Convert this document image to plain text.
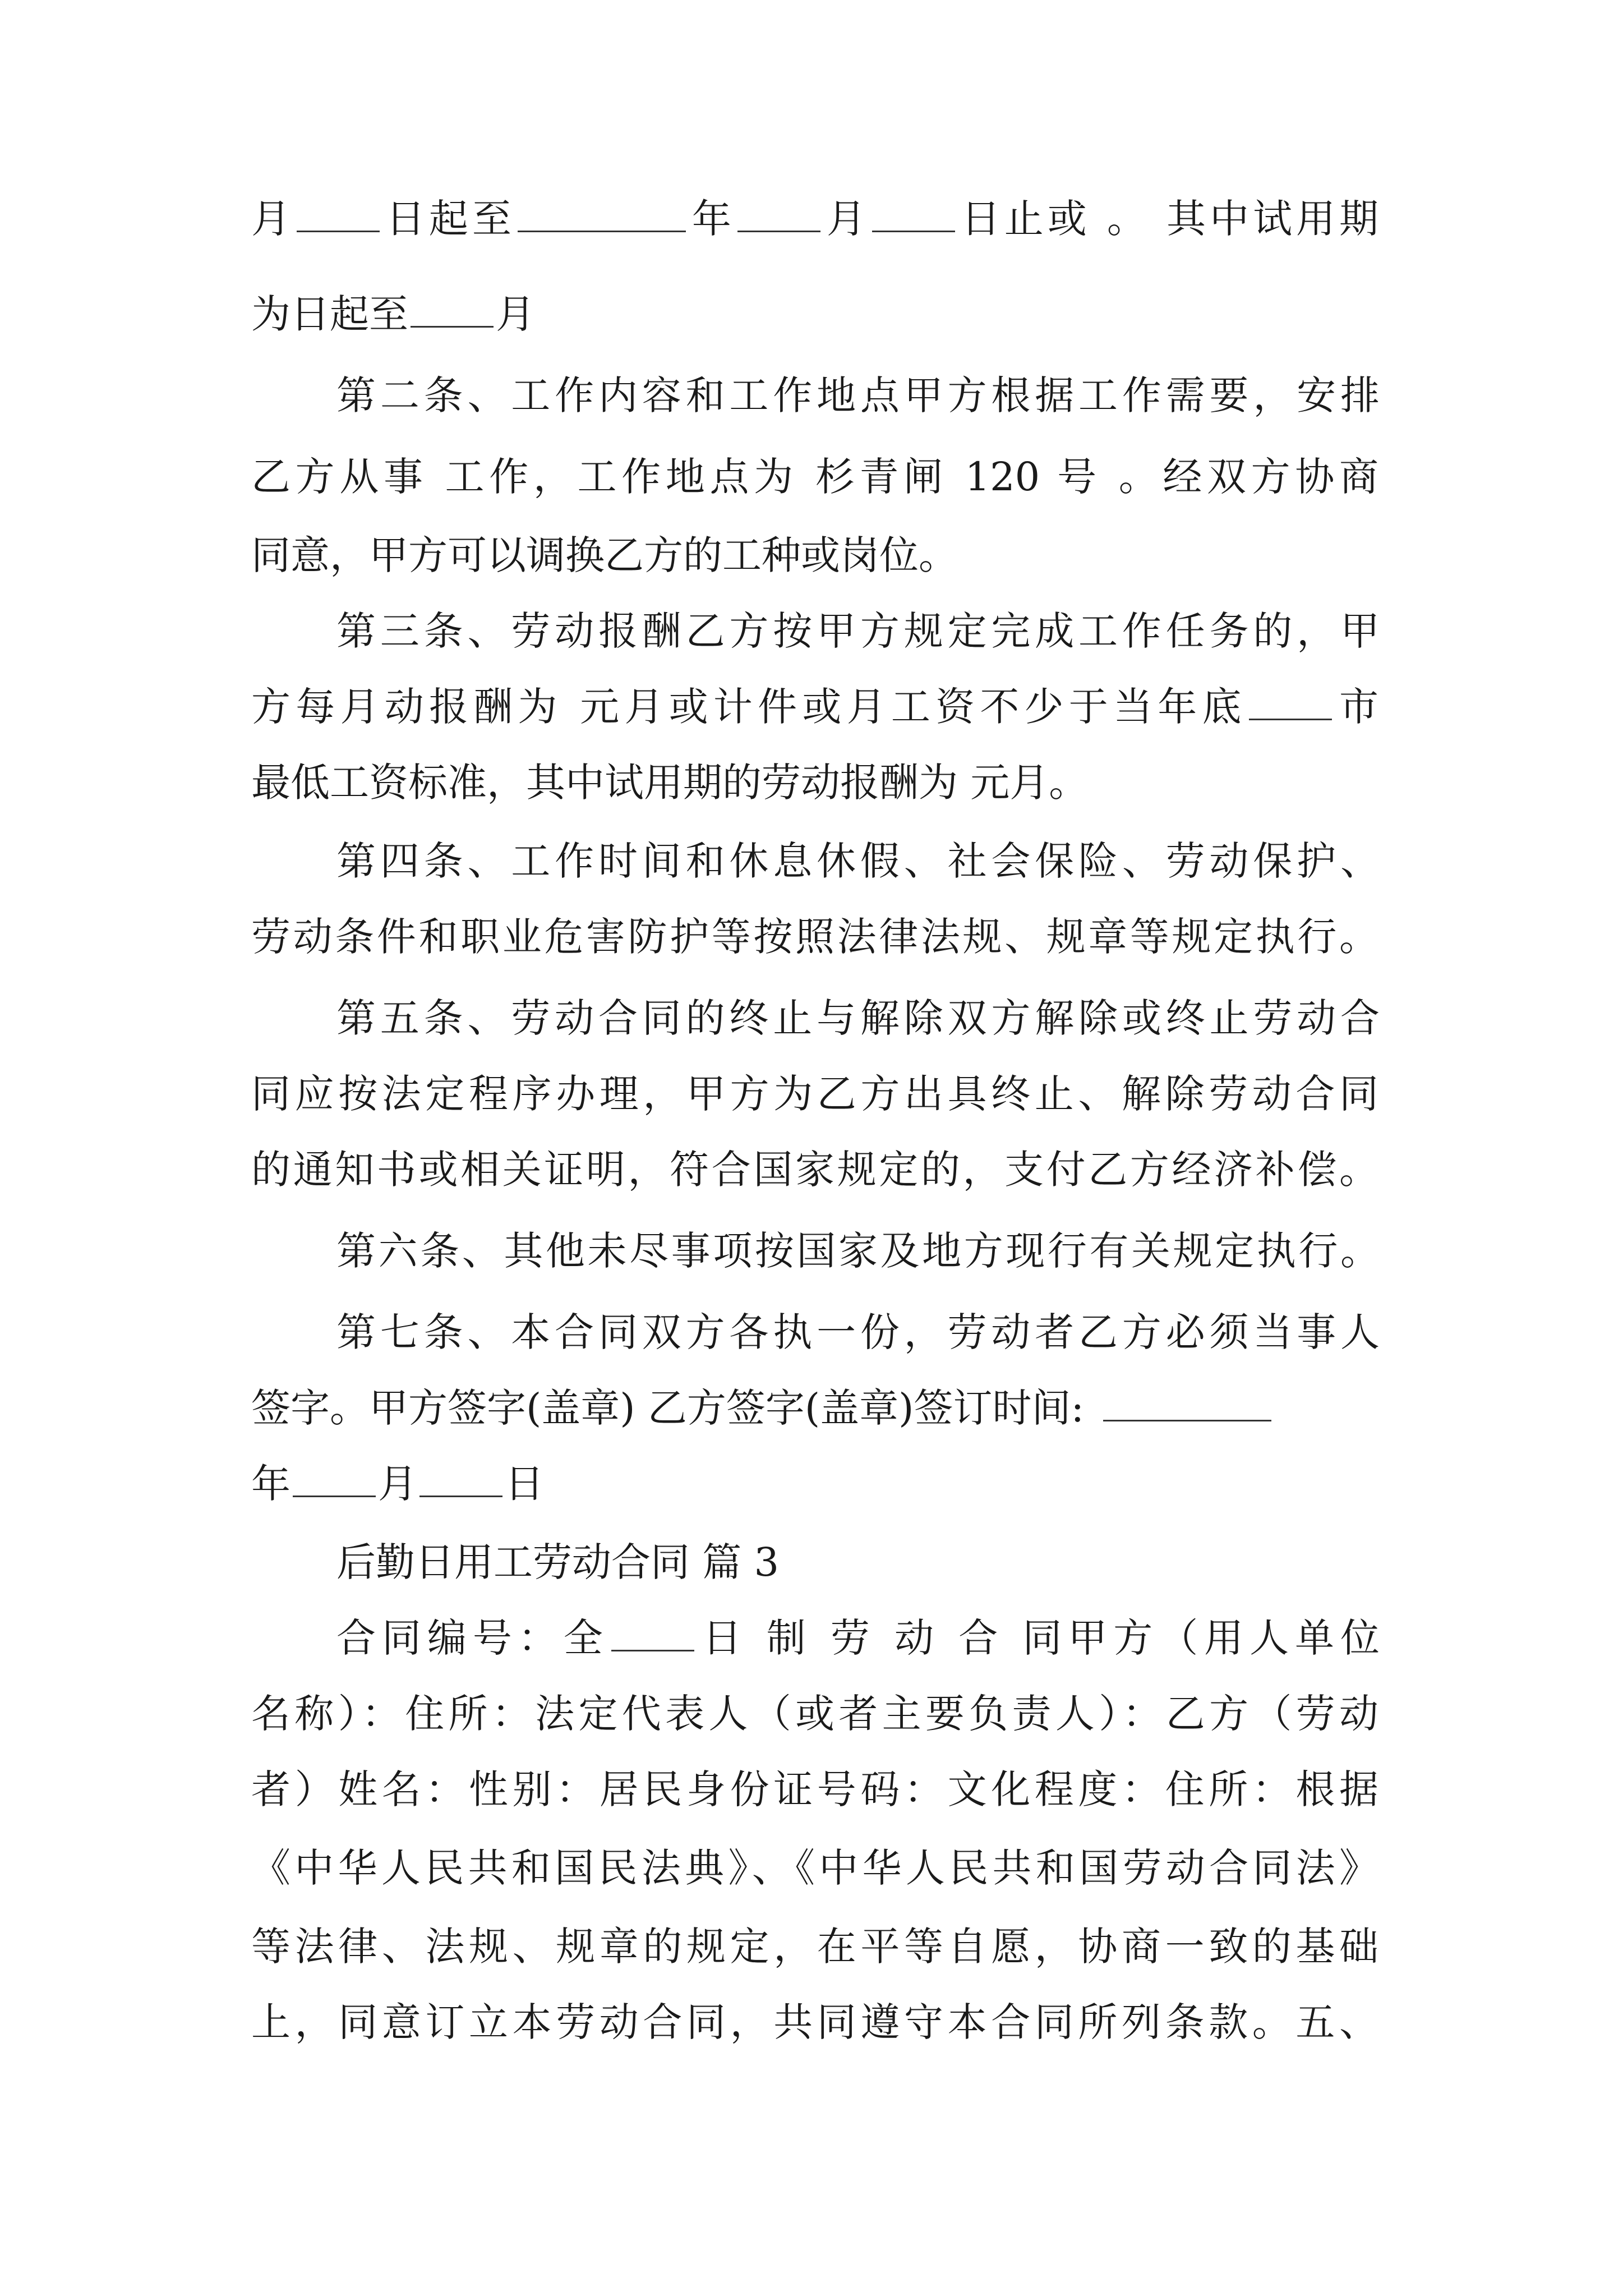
月 日起至	年 月 日止或 。 其中试用期

为日起至 月

第二条、工作内容和工作地点甲方根据工作需要，安排

乙方从事 工作，工作地点为 杉青闸 120 号 。经双方协商

同意，甲方可以调换乙方的工种或岗位。

第三条、劳动报酬乙方按甲方规定完成工作任务的，甲

方每月动报酬为 元月或计件或月工资不少于当年底 市

最低工资标准，其中试用期的劳动报酬为 元月。

第四条、工作时间和休息休假、社会保险、劳动保护、

劳动条件和职业危害防护等按照法律法规、规章等规定执行。

第五条、劳动合同的终止与解除双方解除或终止劳动合

同应按法定程序办理，甲方为乙方出具终止、解除劳动合同

的通知书或相关证明，符合国家规定的，支付乙方经济补偿。

第六条、其他未尽事项按国家及地方现行有关规定执行。

第七条、本合同双方各执一份，劳动者乙方必须当事人

签字。甲方签字(盖章) 乙方签字(盖章)签订时间:

年 月 日

后勤日用工劳动合同 篇 3

合同编号：全 日 制 劳 动 合 同甲方（用人单位

名称）：住所：法定代表人（或者主要负责人）：乙方（劳动

者）姓名：性别：居民身份证号码：文化程度：住所：根据

《中华人民共和国民法典》、《中华人民共和国劳动合同法》

等法律、法规、规章的规定，在平等自愿，协商一致的基础

上，同意订立本劳动合同，共同遵守本合同所列条款。五、
